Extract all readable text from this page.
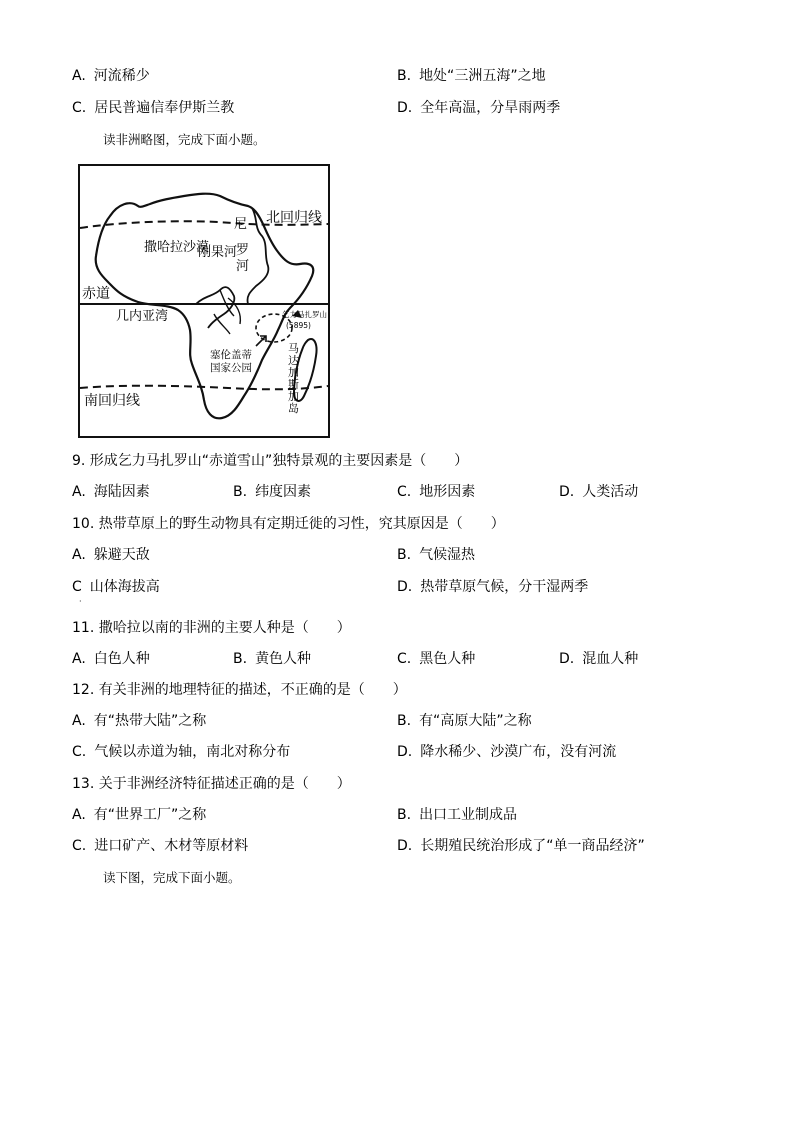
A. 河流稀少	B. 地处“三洲五海”之地
C. 居民普遍信奉伊斯兰教	D. 全年高温，分旱雨两季
读非洲略图，完成下面小题。
北回归线
南回归线
赤道
撒哈拉沙漠
尼
罗
河
刚果河
几内亚湾	乞力马扎罗山
(5895)
塞伦盖蒂
国家公园
马
达
加
斯
加
岛
9. 形成乞力马扎罗山“赤道雪山”独特景观的主要因素是（　　）
A. 海陆因素	B. 纬度因素	C. 地形因素	D. 人类活动
10. 热带草原上的野生动物具有定期迁徙的习性，究其原因是（　　）
A. 躲避天敌	B. 气候湿热
C 山体海拔高	D. 热带草原气候，分干湿两季
·
11. 撒哈拉以南的非洲的主要人种是（　　）
A. 白色人种	B. 黄色人种	C. 黑色人种	D. 混血人种
12. 有关非洲的地理特征的描述，不正确的是（　　）
A. 有“热带大陆”之称	B. 有“高原大陆”之称
C. 气候以赤道为轴，南北对称分布	D. 降水稀少、沙漠广布，没有河流
13. 关于非洲经济特征描述正确的是（　　）
A. 有“世界工厂”之称	B. 出口工业制成品
C. 进口矿产、木材等原材料	D. 长期殖民统治形成了“单一商品经济”
读下图，完成下面小题。
